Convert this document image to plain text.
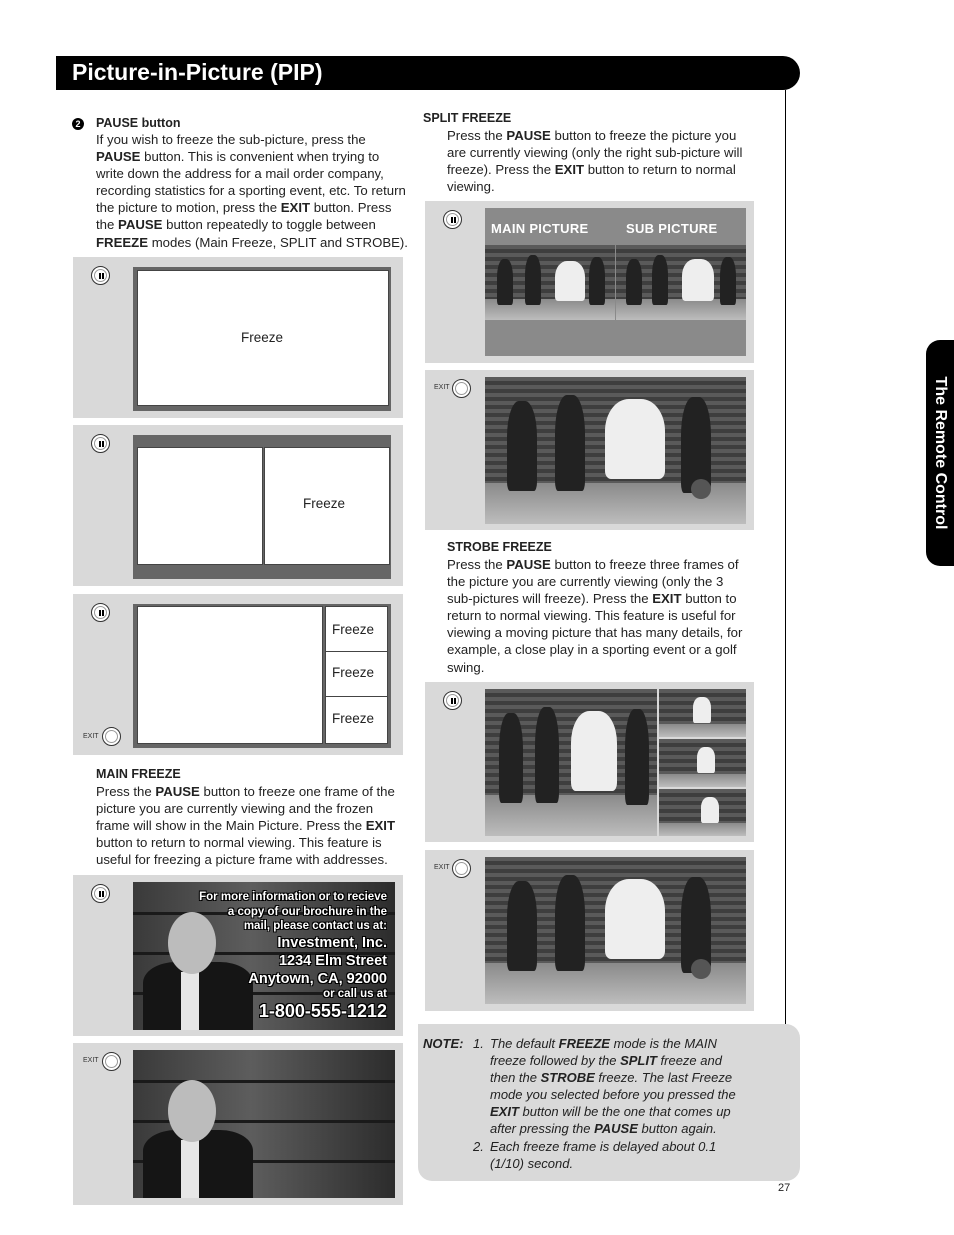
Picture-in-Picture (PIP)
The Remote Control
2 PAUSE button
If you wish to freeze the sub-picture, press the
PAUSE button. This is convenient when trying to
write down the address for a mail order company,
recording statistics for a sporting event, etc. To return
the picture to motion, press the EXIT button. Press
the PAUSE button repeatedly to toggle between
FREEZE modes (Main Freeze, SPLIT and STROBE).
Freeze
Freeze
EXIT
Freeze
Freeze
Freeze
MAIN FREEZE
Press the PAUSE button to freeze one frame of the
picture you are currently viewing and the frozen
frame will show in the Main Picture. Press the EXIT
button to return to normal viewing. This feature is
useful for freezing a picture frame with addresses.
For more information or to recieve
a copy of our brochure in the
mail, please contact us at:
Investment, Inc.
1234 Elm Street
Anytown, CA, 92000
or call us at
1-800-555-1212
EXIT
SPLIT FREEZE
Press the PAUSE button to freeze the picture you
are currently viewing (only the right sub-picture will
freeze). Press the EXIT button to return to normal
viewing.
MAIN PICTURE	SUB PICTURE
EXIT
STROBE FREEZE
Press the PAUSE button to freeze three frames of
the picture you are currently viewing (only the 3
sub-pictures will freeze). Press the EXIT button to
return to normal viewing. This feature is useful for
viewing a moving picture that has many details, for
example, a close play in a sporting event or a golf
swing.
EXIT
NOTE: 1. The default FREEZE mode is the MAIN
freeze followed by the SPLIT freeze and
then the STROBE freeze. The last Freeze
mode you selected before you pressed the
EXIT button will be the one that comes up
after pressing the PAUSE button again.
2. Each freeze frame is delayed about 0.1
(1/10) second.
27
